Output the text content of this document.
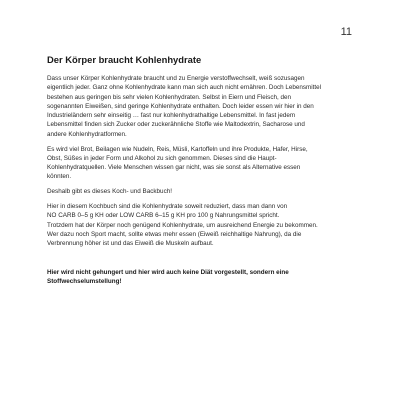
11
Der Körper braucht Kohlenhydrate
Dass unser Körper Kohlenhydrate braucht und zu Energie verstoffwechselt, weiß sozusagen
eigentlich jeder. Ganz ohne Kohlenhydrate kann man sich auch nicht ernähren. Doch Lebensmittel
bestehen aus geringen bis sehr vielen Kohlenhydraten. Selbst in Eiern und Fleisch, den
sogenannten Eiweißen, sind geringe Kohlenhydrate enthalten. Doch leider essen wir hier in den
Industrieländern sehr einseitig … fast nur kohlenhydrathaltige Lebensmittel. In fast jedem
Lebensmittel finden sich Zucker oder zuckerähnliche Stoffe wie Maltodextrin, Sacharose und
andere Kohlenhydratformen.
Es wird viel Brot, Beilagen wie Nudeln, Reis, Müsli, Kartoffeln und ihre Produkte, Hafer, Hirse,
Obst, Süßes in jeder Form und Alkohol zu sich genommen. Dieses sind die Haupt-
Kohlenhydratquellen. Viele Menschen wissen gar nicht, was sie sonst als Alternative essen
könnten.
Deshalb gibt es dieses Koch- und Backbuch!
Hier in diesem Kochbuch sind die Kohlenhydrate soweit reduziert, dass man dann von
NO CARB 0–5 g KH oder LOW CARB 6–15 g KH pro 100 g Nahrungsmittel spricht.
Trotzdem hat der Körper noch genügend Kohlenhydrate, um ausreichend Energie zu bekommen.
Wer dazu noch Sport macht, sollte etwas mehr essen (Eiweiß reichhaltige Nahrung), da die
Verbrennung höher ist und das Eiweiß die Muskeln aufbaut.
Hier wird nicht gehungert und hier wird auch keine Diät vorgestellt, sondern eine
Stoffwechselumstellung!
